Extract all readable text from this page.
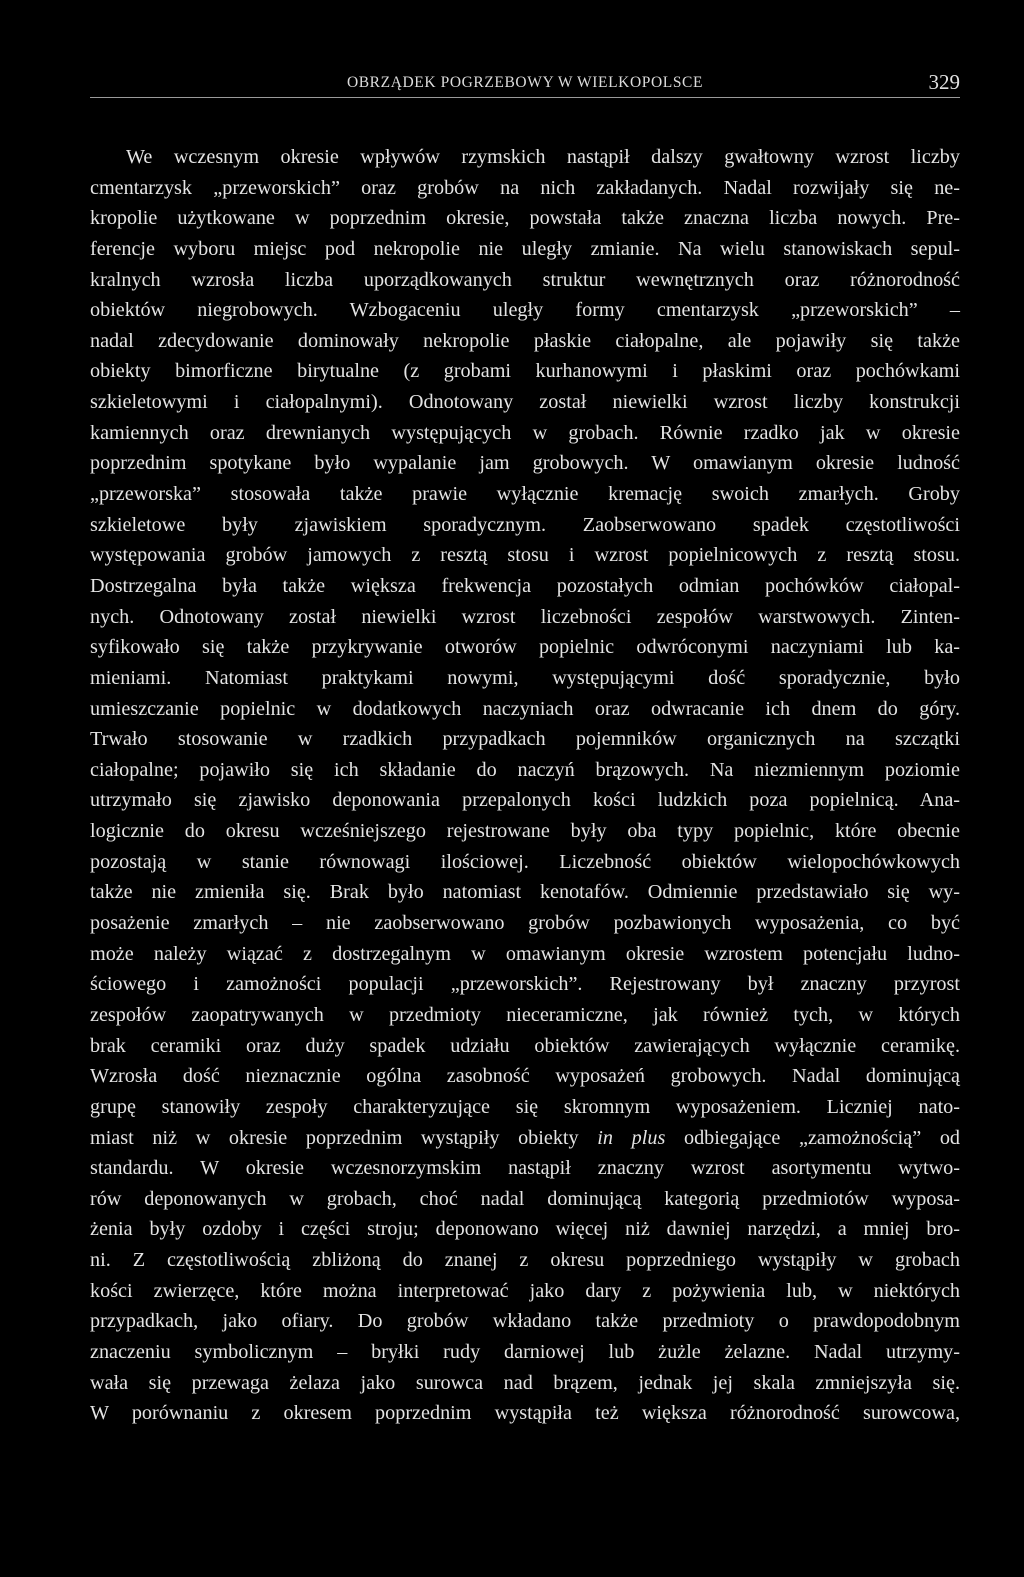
OBRZĄDEK POGRZEBOWY W WIELKOPOLSCE	329
We wczesnym okresie wpływów rzymskich nastąpił dalszy gwałtowny wzrost liczby
cmentarzysk „przeworskich” oraz grobów na nich zakładanych. Nadal rozwijały się ne-
kropolie użytkowane w poprzednim okresie, powstała także znaczna liczba nowych. Pre-
ferencje wyboru miejsc pod nekropolie nie uległy zmianie. Na wielu stanowiskach sepul-
kralnych wzrosła liczba uporządkowanych struktur wewnętrznych oraz różnorodność
obiektów niegrobowych. Wzbogaceniu uległy formy cmentarzysk „przeworskich” –
nadal zdecydowanie dominowały nekropolie płaskie ciałopalne, ale pojawiły się także
obiekty bimorficzne birytualne (z grobami kurhanowymi i płaskimi oraz pochówkami
szkieletowymi i ciałopalnymi). Odnotowany został niewielki wzrost liczby konstrukcji
kamiennych oraz drewnianych występujących w grobach. Równie rzadko jak w okresie
poprzednim spotykane było wypalanie jam grobowych. W omawianym okresie ludność
„przeworska” stosowała także prawie wyłącznie kremację swoich zmarłych. Groby
szkieletowe były zjawiskiem sporadycznym. Zaobserwowano spadek częstotliwości
występowania grobów jamowych z resztą stosu i wzrost popielnicowych z resztą stosu.
Dostrzegalna była także większa frekwencja pozostałych odmian pochówków ciałopal-
nych. Odnotowany został niewielki wzrost liczebności zespołów warstwowych. Zinten-
syfikowało się także przykrywanie otworów popielnic odwróconymi naczyniami lub ka-
mieniami. Natomiast praktykami nowymi, występującymi dość sporadycznie, było
umieszczanie popielnic w dodatkowych naczyniach oraz odwracanie ich dnem do góry.
Trwało stosowanie w rzadkich przypadkach pojemników organicznych na szczątki
ciałopalne; pojawiło się ich składanie do naczyń brązowych. Na niezmiennym poziomie
utrzymało się zjawisko deponowania przepalonych kości ludzkich poza popielnicą. Ana-
logicznie do okresu wcześniejszego rejestrowane były oba typy popielnic, które obecnie
pozostają w stanie równowagi ilościowej. Liczebność obiektów wielopochówkowych
także nie zmieniła się. Brak było natomiast kenotafów. Odmiennie przedstawiało się wy-
posażenie zmarłych – nie zaobserwowano grobów pozbawionych wyposażenia, co być
może należy wiązać z dostrzegalnym w omawianym okresie wzrostem potencjału ludno-
ściowego i zamożności populacji „przeworskich”. Rejestrowany był znaczny przyrost
zespołów zaopatrywanych w przedmioty nieceramiczne, jak również tych, w których
brak ceramiki oraz duży spadek udziału obiektów zawierających wyłącznie ceramikę.
Wzrosła dość nieznacznie ogólna zasobność wyposażeń grobowych. Nadal dominującą
grupę stanowiły zespoły charakteryzujące się skromnym wyposażeniem. Liczniej nato-
miast niż w okresie poprzednim wystąpiły obiekty in plus odbiegające „zamożnością” od
standardu. W okresie wczesnorzymskim nastąpił znaczny wzrost asortymentu wytwo-
rów deponowanych w grobach, choć nadal dominującą kategorią przedmiotów wyposa-
żenia były ozdoby i części stroju; deponowano więcej niż dawniej narzędzi, a mniej bro-
ni. Z częstotliwością zbliżoną do znanej z okresu poprzedniego wystąpiły w grobach
kości zwierzęce, które można interpretować jako dary z pożywienia lub, w niektórych
przypadkach, jako ofiary. Do grobów wkładano także przedmioty o prawdopodobnym
znaczeniu symbolicznym – bryłki rudy darniowej lub żużle żelazne. Nadal utrzymy-
wała się przewaga żelaza jako surowca nad brązem, jednak jej skala zmniejszyła się.
W porównaniu z okresem poprzednim wystąpiła też większa różnorodność surowcowa,
